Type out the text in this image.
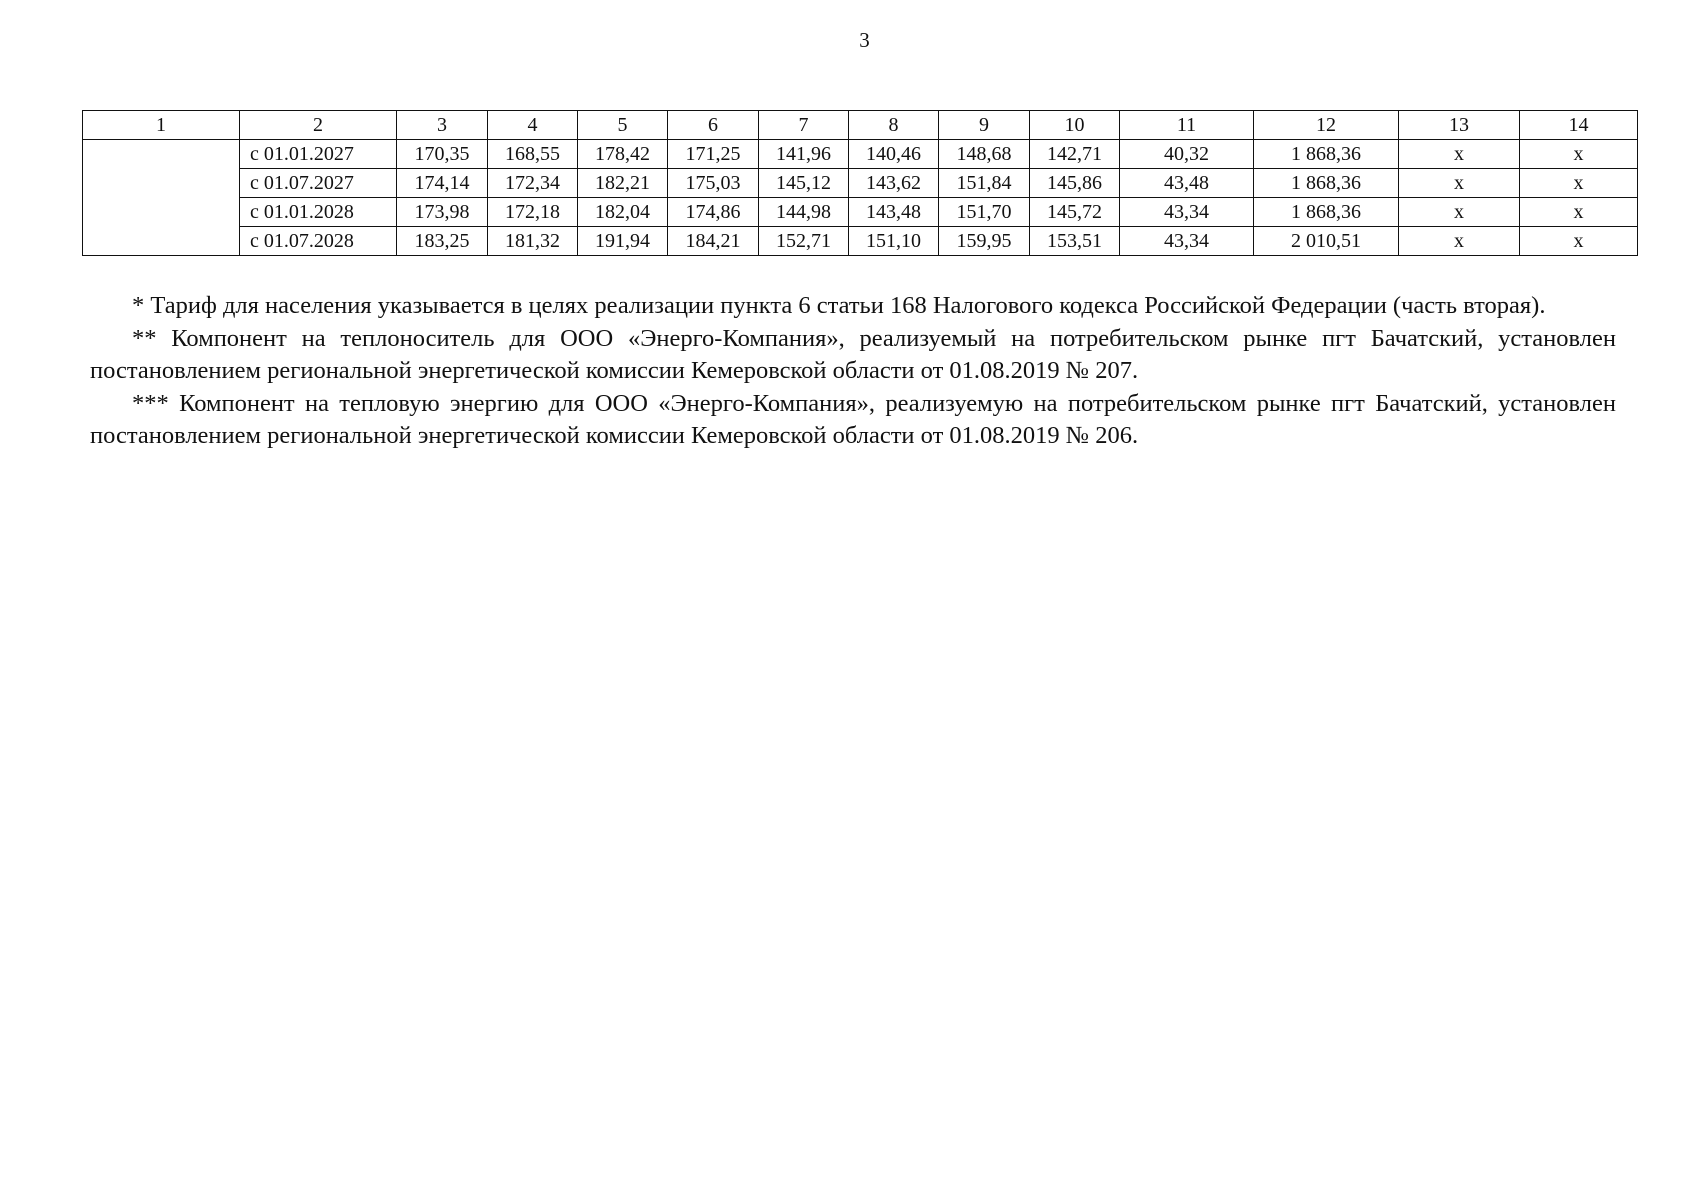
3
1	2	3	4	5	6	7	8	9	10	11	12	13	14
	с 01.01.2027	170,35	168,55	178,42	171,25	141,96	140,46	148,68	142,71	40,32	1 868,36	x	x
	с 01.07.2027	174,14	172,34	182,21	175,03	145,12	143,62	151,84	145,86	43,48	1 868,36	x	x
	с 01.01.2028	173,98	172,18	182,04	174,86	144,98	143,48	151,70	145,72	43,34	1 868,36	x	x
	с 01.07.2028	183,25	181,32	191,94	184,21	152,71	151,10	159,95	153,51	43,34	2 010,51	x	x

* Тариф для населения указывается в целях реализации пункта 6 статьи 168 Налогового кодекса Российской Федерации (часть вторая).

** Компонент на теплоноситель для ООО «Энерго-Компания», реализуемый на потребительском рынке пгт Бачатский, установлен постановлением региональной энергетической комиссии Кемеровской области от 01.08.2019 № 207.

*** Компонент на тепловую энергию для ООО «Энерго-Компания», реализуемую на потребительском рынке пгт Бачатский, установлен постановлением региональной энергетической комиссии Кемеровской области от 01.08.2019 № 206.
